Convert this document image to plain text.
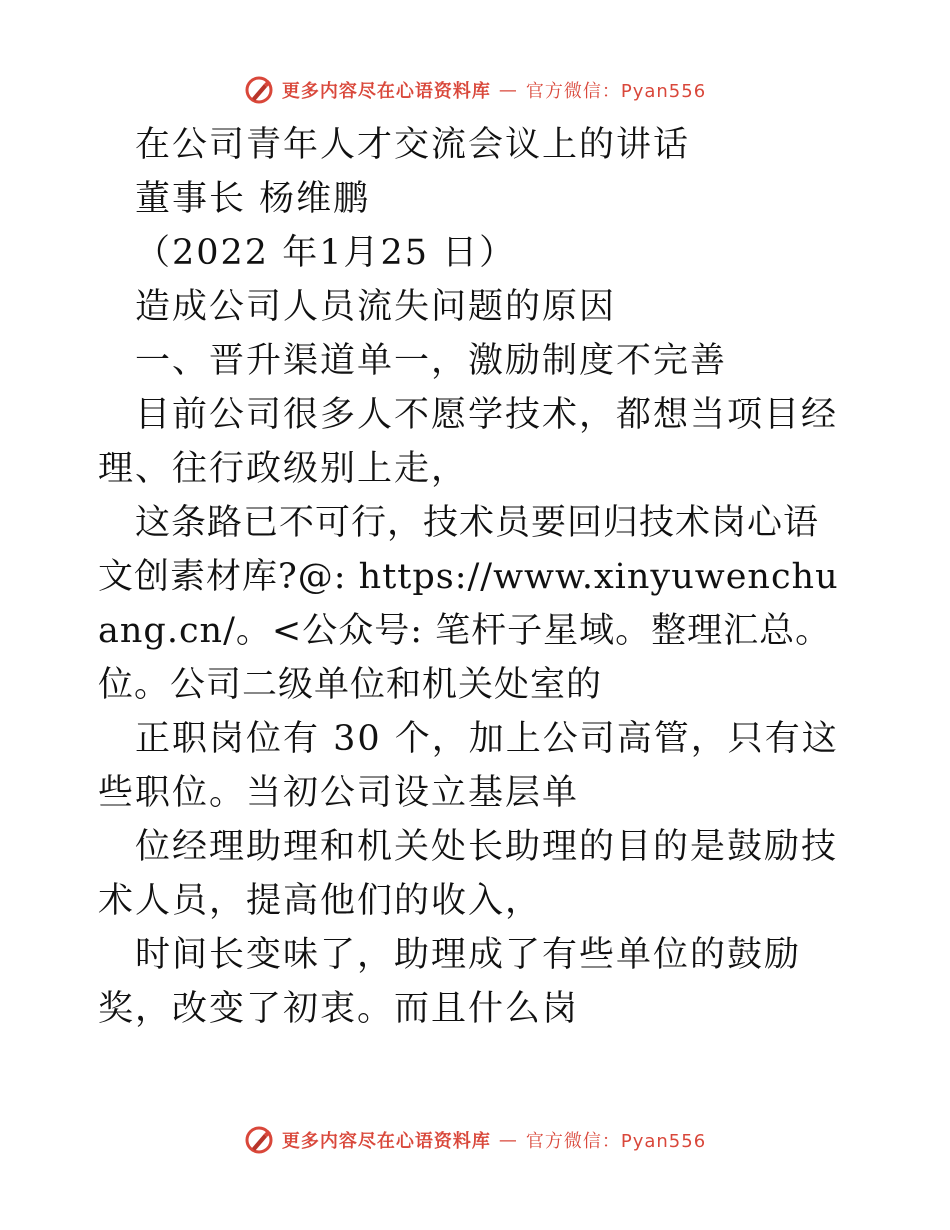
更多内容尽在心语资料库 — 官方微信：Pyan556

在公司青年人才交流会议上的讲话

董事长 杨维鹏

（2022 年1月25 日）

造成公司人员流失问题的原因

一、晋升渠道单一，激励制度不完善

目前公司很多人不愿学技术，都想当项目经理、往行政级别上走，

这条路已不可行，技术员要回归技术岗心语文创素材库?@: https://www.xinyuwenchuang.cn/。<公众号: 笔杆子星域。整理汇总。位。公司二级单位和机关处室的

正职岗位有 30 个，加上公司高管，只有这些职位。当初公司设立基层单

位经理助理和机关处长助理的目的是鼓励技术人员，提高他们的收入，

时间长变味了，助理成了有些单位的鼓励奖，改变了初衷。而且什么岗

更多内容尽在心语资料库 — 官方微信：Pyan556
